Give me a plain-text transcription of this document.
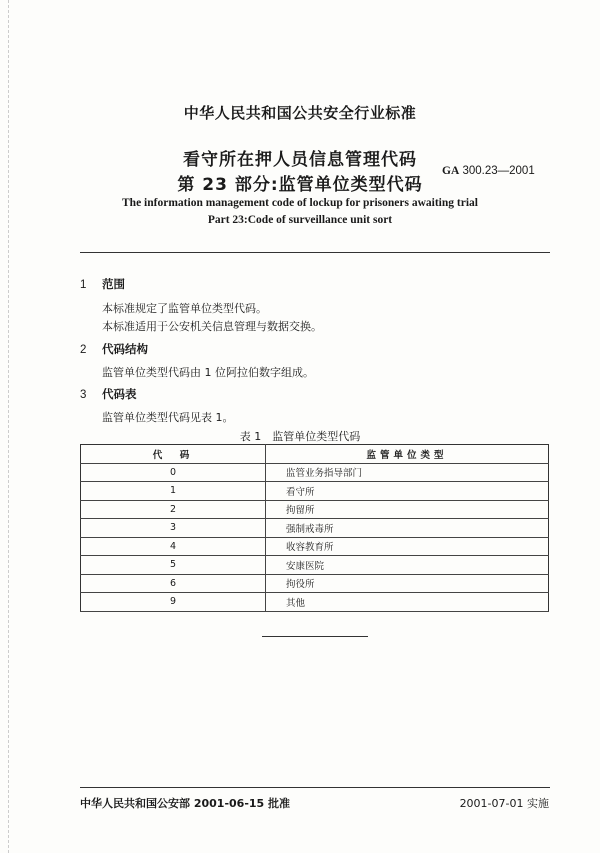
中华人民共和国公共安全行业标准
看守所在押人员信息管理代码
第 23 部分:监管单位类型代码
GA 300.23—2001
The information management code of lockup for prisoners awaiting trial
Part 23:Code of surveillance unit sort
1 范围
本标准规定了监管单位类型代码。
本标准适用于公安机关信息管理与数据交换。
2 代码结构
监管单位类型代码由 1 位阿拉伯数字组成。
3 代码表
监管单位类型代码见表 1。
表 1　监管单位类型代码
代　码	监管单位类型
0	监管业务指导部门
1	看守所
2	拘留所
3	强制戒毒所
4	收容教育所
5	安康医院
6	拘役所
9	其他
中华人民共和国公安部 2001-06-15 批准	2001-07-01 实施
